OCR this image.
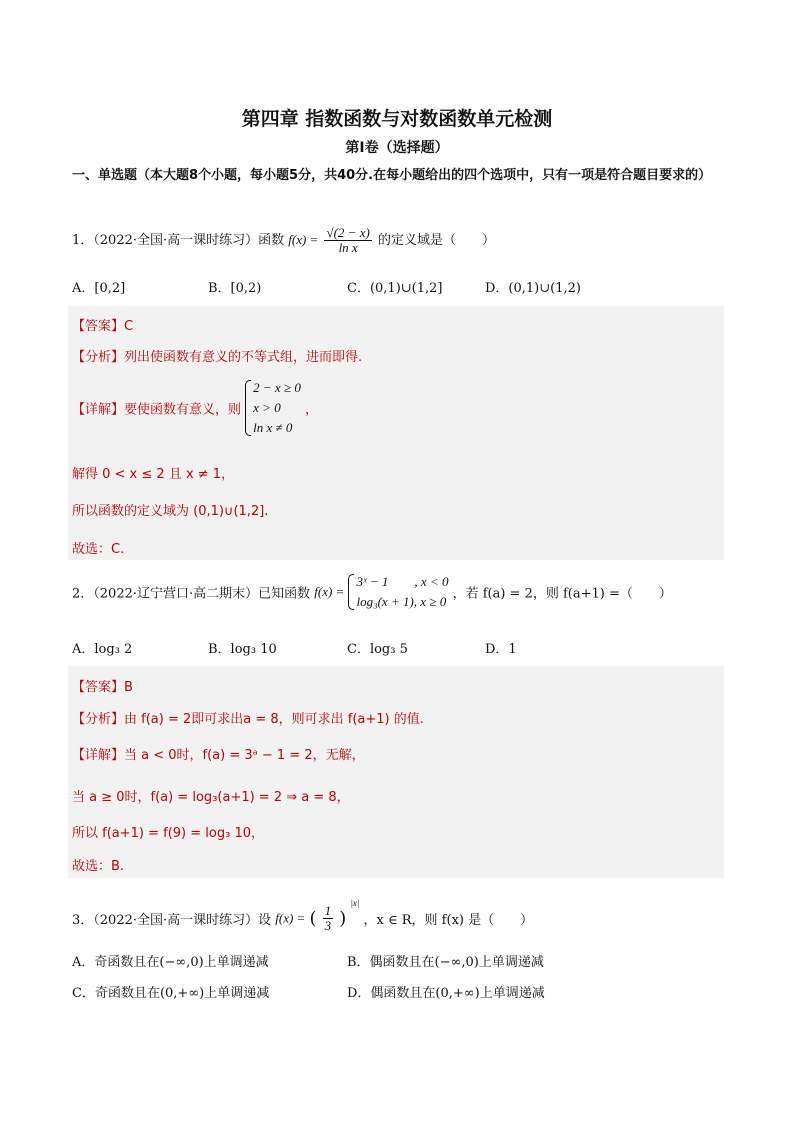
第四章 指数函数与对数函数单元检测
第Ⅰ卷（选择题）
一、单选题（本大题8个小题，每小题5分，共40分.在每小题给出的四个选项中，只有一项是符合题目要求的）
1．（2022·全国·高一课时练习）函数 $f(x) = \frac{√(2 - x)}{\text{ln x}}$ 的定义域是（　　）
A．[0,2]	B．[0,2)	C．(0,1)∪(1,2]	D．(0,1)∪(1,2)
【答案】C
【分析】列出使函数有意义的不等式组，进而即得.
【详解】要使函数有意义，则
2 − x ≥ 0
x > 0
ln x ≠ 0
，
解得 0 < x ≤ 2 且 x ≠ 1，
所以函数的定义域为 (0,1)∪(1,2].
故选：C.
2．（2022·辽宁营口·高二期末）已知函数 f(x) =
3ˣ − 1　　, x < 0
log₃(x + 1), x ≥ 0 ，若 f(a) = 2，则 f(a+1) =（　　）
A．log₃ 2	B．log₃ 10	C．log₃ 5	D．1
【答案】B
【分析】由 f(a) = 2即可求出a = 8，则可求出 f(a+1) 的值.
【详解】当 a < 0时，f(a) = 3ᵃ − 1 = 2，无解，
当 a ≥ 0时，f(a) = log₃(a+1) = 2 ⇒ a = 8，
所以 f(a+1) = f(9) = log₃ 10，
故选：B.
3．（2022·全国·高一课时练习）设 f(x) = ( $\frac{1}{3}$ ) $^{|x|}$ ，x ∈ R，则 f(x) 是（　　）
A．奇函数且在(−∞,0)上单调递减	B．偶函数且在(−∞,0)上单调递减
C．奇函数且在(0,+∞)上单调递减	D．偶函数且在(0,+∞)上单调递减
